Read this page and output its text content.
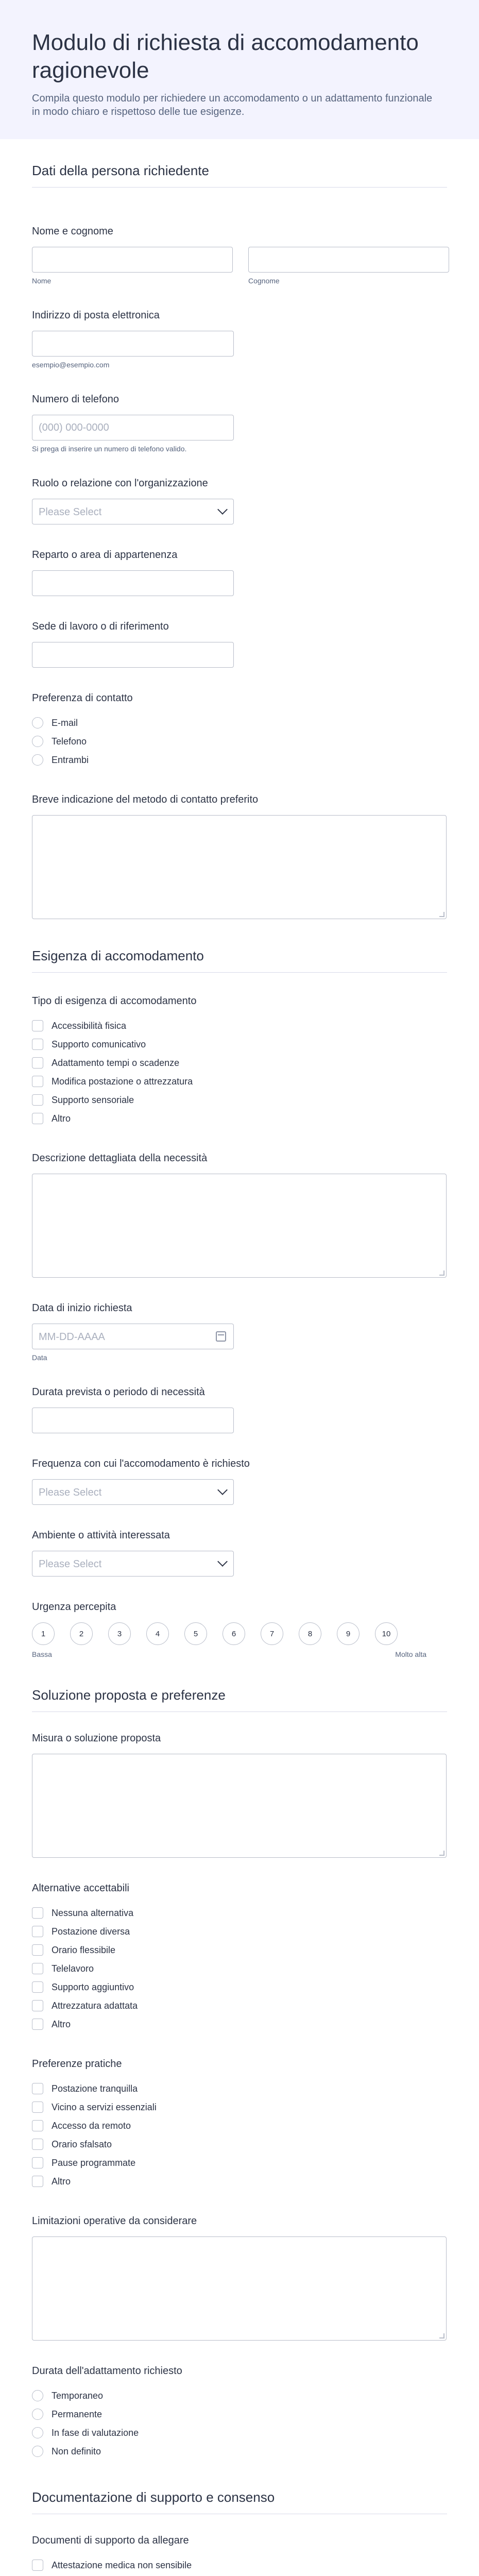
Modulo di richiesta di accomodamento ragionevole

Compila questo modulo per richiedere un accomodamento o un adattamento funzionale in modo chiaro e rispettoso delle tue esigenze.

Dati della persona richiedente
Nome e cognome
Nome	Cognome
Indirizzo di posta elettronica
esempio@esempio.com
Numero di telefono
(000) 000-0000
Si prega di inserire un numero di telefono valido.
Ruolo o relazione con l'organizzazione
Please Select
Reparto o area di appartenenza
Sede di lavoro o di riferimento
Preferenza di contatto
E-mail
Telefono
Entrambi
Breve indicazione del metodo di contatto preferito
Esigenza di accomodamento
Tipo di esigenza di accomodamento
Accessibilità fisica
Supporto comunicativo
Adattamento tempi o scadenze
Modifica postazione o attrezzatura
Supporto sensoriale
Altro
Descrizione dettagliata della necessità
Data di inizio richiesta
MM-DD-AAAA
Data
Durata prevista o periodo di necessità
Frequenza con cui l'accomodamento è richiesto
Please Select
Ambiente o attività interessata
Please Select
Urgenza percepita
1	2	3	4	5	6	7	8	9	10
Bassa	Molto alta
Soluzione proposta e preferenze
Misura o soluzione proposta
Alternative accettabili
Nessuna alternativa
Postazione diversa
Orario flessibile
Telelavoro
Supporto aggiuntivo
Attrezzatura adattata
Altro
Preferenze pratiche
Postazione tranquilla
Vicino a servizi essenziali
Accesso da remoto
Orario sfalsato
Pause programmate
Altro
Limitazioni operative da considerare
Durata dell'adattamento richiesto
Temporaneo
Permanente
In fase di valutazione
Non definito
Documentazione di supporto e consenso
Documenti di supporto da allegare
Attestazione medica non sensibile
